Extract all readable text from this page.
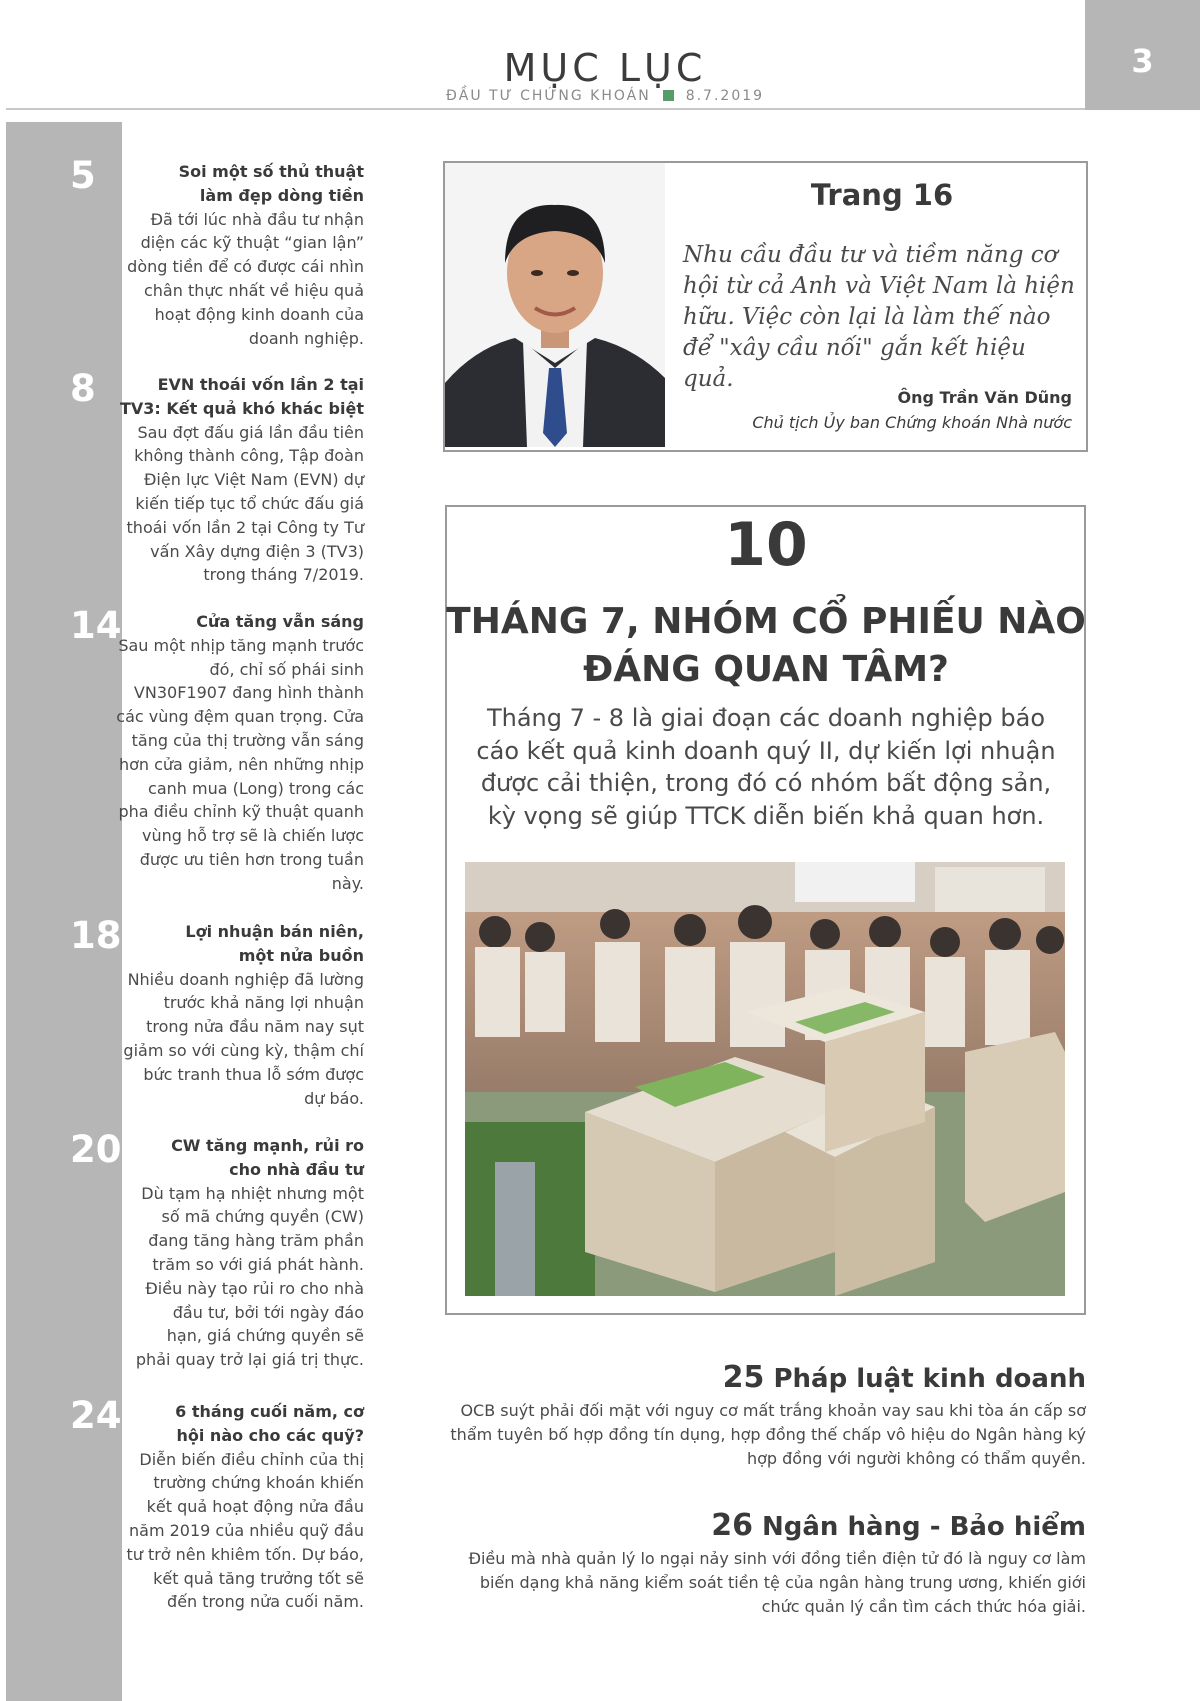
MỤC LỤC
ĐẦU TƯ CHỨNG KHOÁN	8.7.2019
3
5	Soi một số thủ thuật làm đẹp dòng tiền
Đã tới lúc nhà đầu tư nhận diện các kỹ thuật “gian lận” dòng tiền để có được cái nhìn chân thực nhất về hiệu quả hoạt động kinh doanh của doanh nghiệp.
8	EVN thoái vốn lần 2 tại TV3: Kết quả khó khác biệt
Sau đợt đấu giá lần đầu tiên không thành công, Tập đoàn Điện lực Việt Nam (EVN) dự kiến tiếp tục tổ chức đấu giá thoái vốn lần 2 tại Công ty Tư vấn Xây dựng điện 3 (TV3) trong tháng 7/2019.
14	Cửa tăng vẫn sáng
Sau một nhịp tăng mạnh trước đó, chỉ số phái sinh VN30F1907 đang hình thành các vùng đệm quan trọng. Cửa tăng của thị trường vẫn sáng hơn cửa giảm, nên những nhịp canh mua (Long) trong các pha điều chỉnh kỹ thuật quanh vùng hỗ trợ sẽ là chiến lược được ưu tiên hơn trong tuần này.
18	Lợi nhuận bán niên, một nửa buồn
Nhiều doanh nghiệp đã lường trước khả năng lợi nhuận trong nửa đầu năm nay sụt giảm so với cùng kỳ, thậm chí bức tranh thua lỗ sớm được dự báo.
20	CW tăng mạnh, rủi ro cho nhà đầu tư
Dù tạm hạ nhiệt nhưng một số mã chứng quyền (CW) đang tăng hàng trăm phần trăm so với giá phát hành. Điều này tạo rủi ro cho nhà đầu tư, bởi tới ngày đáo hạn, giá chứng quyền sẽ phải quay trở lại giá trị thực.
24	6 tháng cuối năm, cơ hội nào cho các quỹ?
Diễn biến điều chỉnh của thị trường chứng khoán khiến kết quả hoạt động nửa đầu năm 2019 của nhiều quỹ đầu tư trở nên khiêm tốn. Dự báo, kết quả tăng trưởng tốt sẽ đến trong nửa cuối năm.
Trang 16
Nhu cầu đầu tư và tiềm năng cơ hội từ cả Anh và Việt Nam là hiện hữu. Việc còn lại là làm thế nào để "xây cầu nối" gắn kết hiệu quả.
Ông Trần Văn Dũng
Chủ tịch Ủy ban Chứng khoán Nhà nước
10
THÁNG 7, NHÓM CỔ PHIẾU NÀO ĐÁNG QUAN TÂM?
Tháng 7 - 8 là giai đoạn các doanh nghiệp báo cáo kết quả kinh doanh quý II, dự kiến lợi nhuận được cải thiện, trong đó có nhóm bất động sản, kỳ vọng sẽ giúp TTCK diễn biến khả quan hơn.
25 Pháp luật kinh doanh
OCB suýt phải đối mặt với nguy cơ mất trắng khoản vay sau khi tòa án cấp sơ thẩm tuyên bố hợp đồng tín dụng, hợp đồng thế chấp vô hiệu do Ngân hàng ký hợp đồng với người không có thẩm quyền.
26 Ngân hàng - Bảo hiểm
Điều mà nhà quản lý lo ngại nảy sinh với đồng tiền điện tử đó là nguy cơ làm biến dạng khả năng kiểm soát tiền tệ của ngân hàng trung ương, khiến giới chức quản lý cần tìm cách thức hóa giải.
